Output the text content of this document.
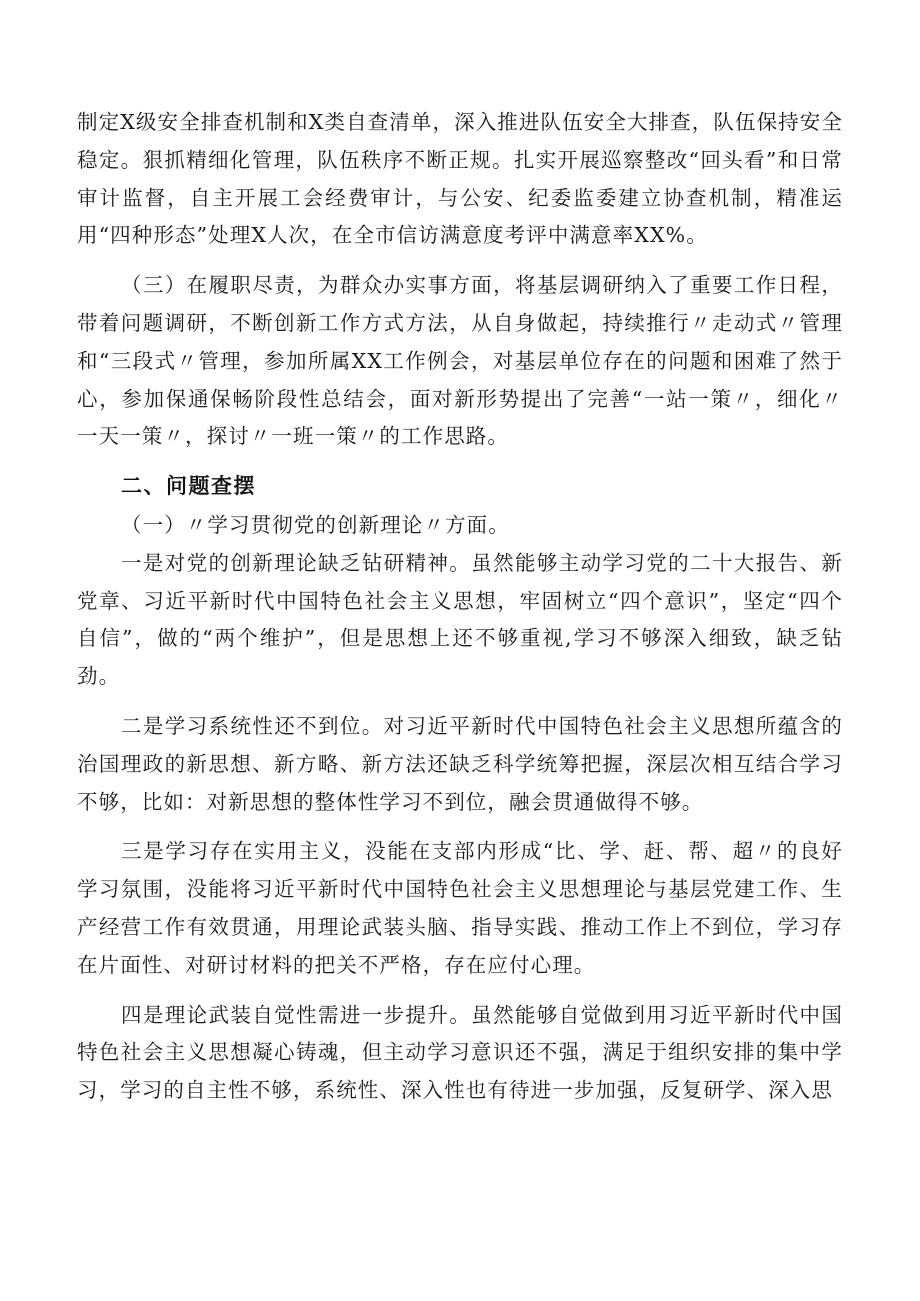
制定X级安全排查机制和X类自查清单，深入推进队伍安全大排查，队伍保持安全稳定。狠抓精细化管理，队伍秩序不断正规。扎实开展巡察整改“回头看”和日常审计监督，自主开展工会经费审计，与公安、纪委监委建立协查机制，精准运用“四种形态”处理X人次，在全市信访满意度考评中满意率XX%。

（三）在履职尽责，为群众办实事方面，将基层调研纳入了重要工作日程，带着问题调研，不断创新工作方式方法，从自身做起，持续推行〃走动式〃管理和“三段式〃管理，参加所属XX工作例会，对基层单位存在的问题和困难了然于心，参加保通保畅阶段性总结会，面对新形势提出了完善“一站一策〃，细化〃一天一策〃，探讨〃一班一策〃的工作思路。

二、问题查摆

（一）〃学习贯彻党的创新理论〃方面。

一是对党的创新理论缺乏钻研精神。虽然能够主动学习党的二十大报告、新党章、习近平新时代中国特色社会主义思想，牢固树立“四个意识”，坚定“四个自信”，做的“两个维护”，但是思想上还不够重视,学习不够深入细致，缺乏钻劲。

二是学习系统性还不到位。对习近平新时代中国特色社会主义思想所蕴含的治国理政的新思想、新方略、新方法还缺乏科学统筹把握，深层次相互结合学习不够，比如：对新思想的整体性学习不到位，融会贯通做得不够。

三是学习存在实用主义，没能在支部内形成“比、学、赶、帮、超〃的良好学习氛围，没能将习近平新时代中国特色社会主义思想理论与基层党建工作、生产经营工作有效贯通，用理论武装头脑、指导实践、推动工作上不到位，学习存在片面性、对研讨材料的把关不严格，存在应付心理。

四是理论武装自觉性需进一步提升。虽然能够自觉做到用习近平新时代中国特色社会主义思想凝心铸魂，但主动学习意识还不强，满足于组织安排的集中学习，学习的自主性不够，系统性、深入性也有待进一步加强，反复研学、深入思
